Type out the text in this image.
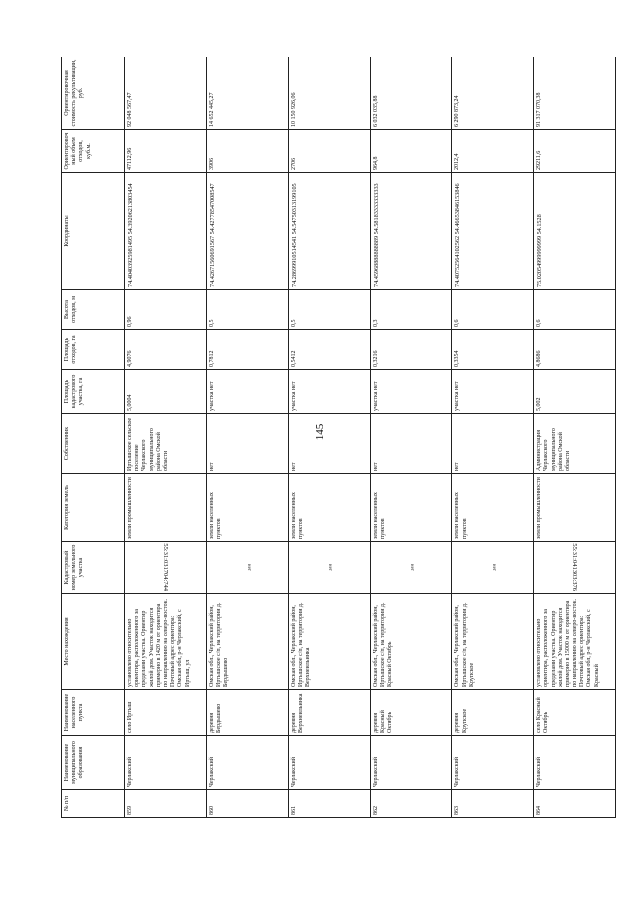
145
№ п/п	Наименование муниципального образования	Наименование населенного пункта	Место нахождения	Кадастровый номер земельного участка	Категория земель	Собственник	Площадь кадастрового участка, га	Площадь отходов, га	Высота отходов, м	Координаты	Ориентировочный объем отходов, куб.м.	Ориентировочная стоимость рекультивации, руб.
859	Черлакский	село Иртыш	установлено относительно ориентира, расположенного за пределами участка. Ориентир жилой дом. Участок находится примерно в 1420 м от ориентира по направлению на северо-восток. Почтовый адрес ориентира: Омская обл, р-н Черлакский, с Иртыш, ул	55:31:031704:744	земли промышленности	Иртышское сельское поселение Черлакского муниципального района Омской области	5,0004	4,9076	0,96	74.40403925981495 54.39206213803454	47112,96	92 048 567,47
860	Черлакский	деревня Бердышево	Омская обл., Черлакский район, Иртышское с/п, на территории д. Бердышево	нет	земли населенных пунктов	нет	участка нет	0,7812	0,5	74.42671560691567 54.42778547008547	3906	14 652 445,27
861	Черлакский	деревня Верхнеильинка	Омская обл., Черлакский район, Иртышское с/п, на территории д. Верхнеильинка	нет	земли населенных пунктов	нет	участка нет	0,5412	0,5	74.28699910514541 54.54750313199105	2706	10 150 926,06
862	Черлакский	деревня Красный Октябрь	Омская обл., Черлакский район, Иртышское с/п, на территории д. Красный Октябрь	нет	земли населенных пунктов	нет	участка нет	0,3216	0,3	74.45968888888889 54.58183333333333	964,8	6 032 035,88
863	Черлакский	деревня Крупское	Омская обл., Черлакский район, Иртышское с/п, на территории д. Крупское	нет	земли населенных пунктов	нет	участка нет	0,3354	0,6	74.40752564102562 54.46653846153846	2012,4	6 290 873,24
864	Черлакский	село Красный Октябрь	установлено относительно ориентира, расположенного за пределами участка. Ориентир жилой дом. Участок находится примерно в 15000 м от ориентира по направлению на северо-восток. Почтовый адрес ориентира: Омская обл, р-н Черлакский, с Красный	55:31:041303:376	земли промышленности	Администрация Черлакского муниципального района Омской области	5,002	4,8686	0,6	75.02054999999999 54.1528	29211,6	91 317 070,38
